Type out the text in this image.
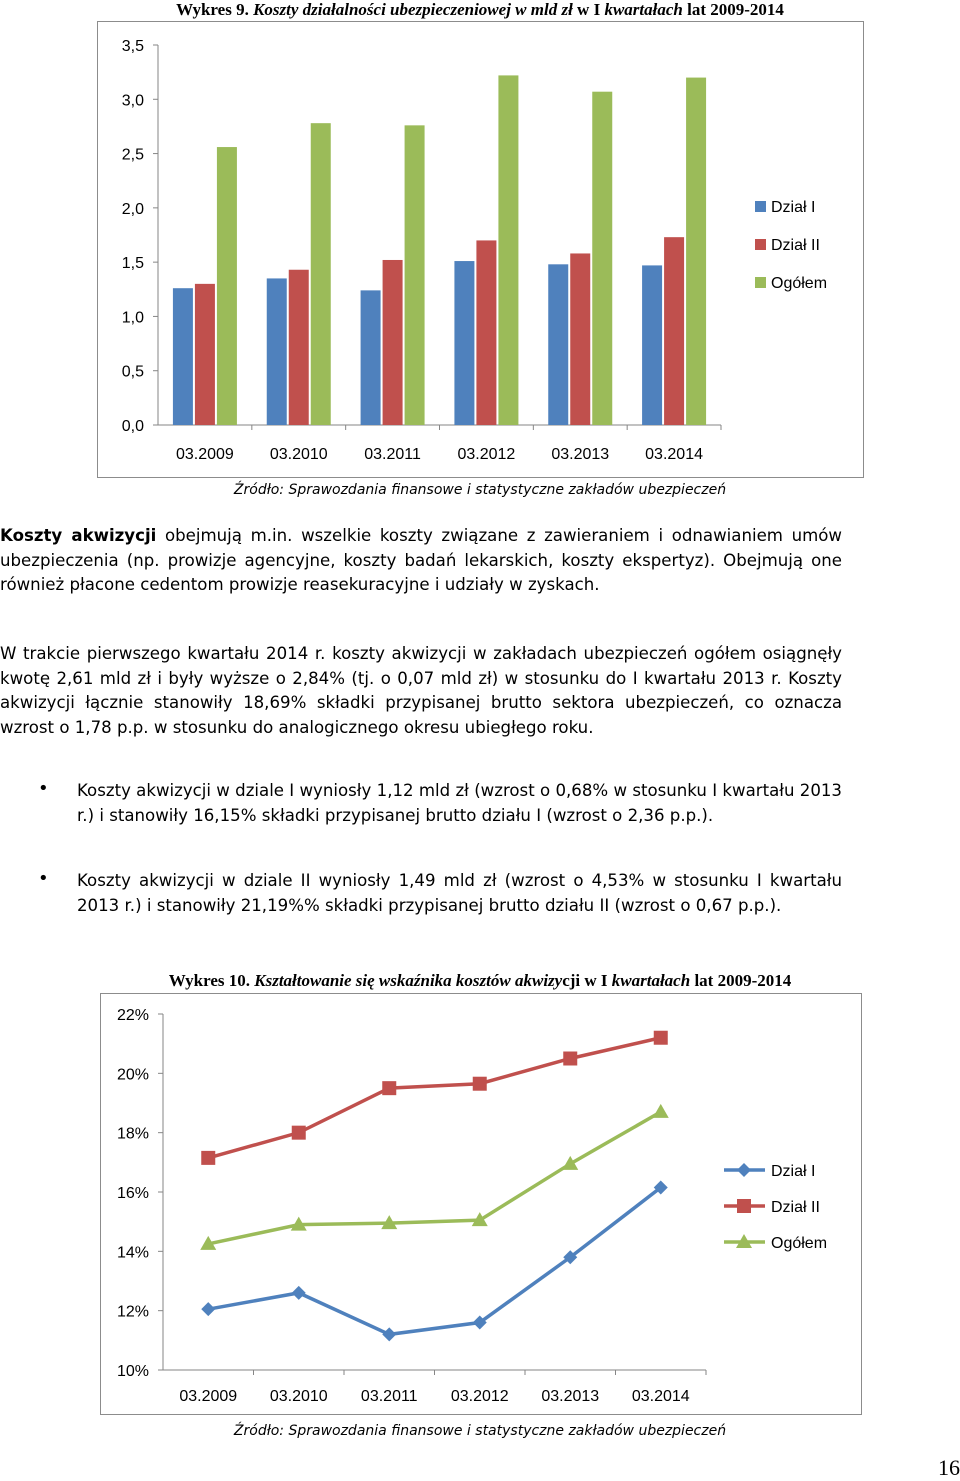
Wykres 9. Koszty działalności ubezpieczeniowej w mld zł w I kwartałach lat 2009-2014
0,0
0,5
1,0
1,5
2,0
2,5
3,0
3,5
03.2009 03.2010 03.2011 03.2012 03.2013 03.2014
Dział I
Dział II
Ogółem
Źródło: Sprawozdania finansowe i statystyczne zakładów ubezpieczeń

Koszty akwizycji obejmują m.in. wszelkie koszty związane z zawieraniem i odnawianiem umów ubezpieczenia (np. prowizje agencyjne, koszty badań lekarskich, koszty ekspertyz). Obejmują one również płacone cedentom prowizje reasekuracyjne i udziały w zyskach.

W trakcie pierwszego kwartału 2014 r. koszty akwizycji w zakładach ubezpieczeń ogółem osiągnęły kwotę 2,61 mld zł i były wyższe o 2,84% (tj. o 0,07 mld zł) w stosunku do I kwartału 2013 r. Koszty akwizycji łącznie stanowiły 18,69% składki przypisanej brutto sektora ubezpieczeń, co oznacza wzrost o 1,78 p.p. w stosunku do analogicznego okresu ubiegłego roku.

• Koszty akwizycji w dziale I wyniosły 1,12 mld zł (wzrost o 0,68% w stosunku I kwartału 2013 r.) i stanowiły 16,15% składki przypisanej brutto działu I (wzrost o 2,36 p.p.).

• Koszty akwizycji w dziale II wyniosły 1,49 mld zł (wzrost o 4,53% w stosunku I kwartału 2013 r.) i stanowiły 21,19%% składki przypisanej brutto działu II (wzrost o 0,67 p.p.).

Wykres 10. Kształtowanie się wskaźnika kosztów akwizycji w I kwartałach lat 2009-2014
10%
12%
14%
16%
18%
20%
22%
03.2009 03.2010 03.2011 03.2012 03.2013 03.2014
Dział I
Dział II
Ogółem
Źródło: Sprawozdania finansowe i statystyczne zakładów ubezpieczeń
16
